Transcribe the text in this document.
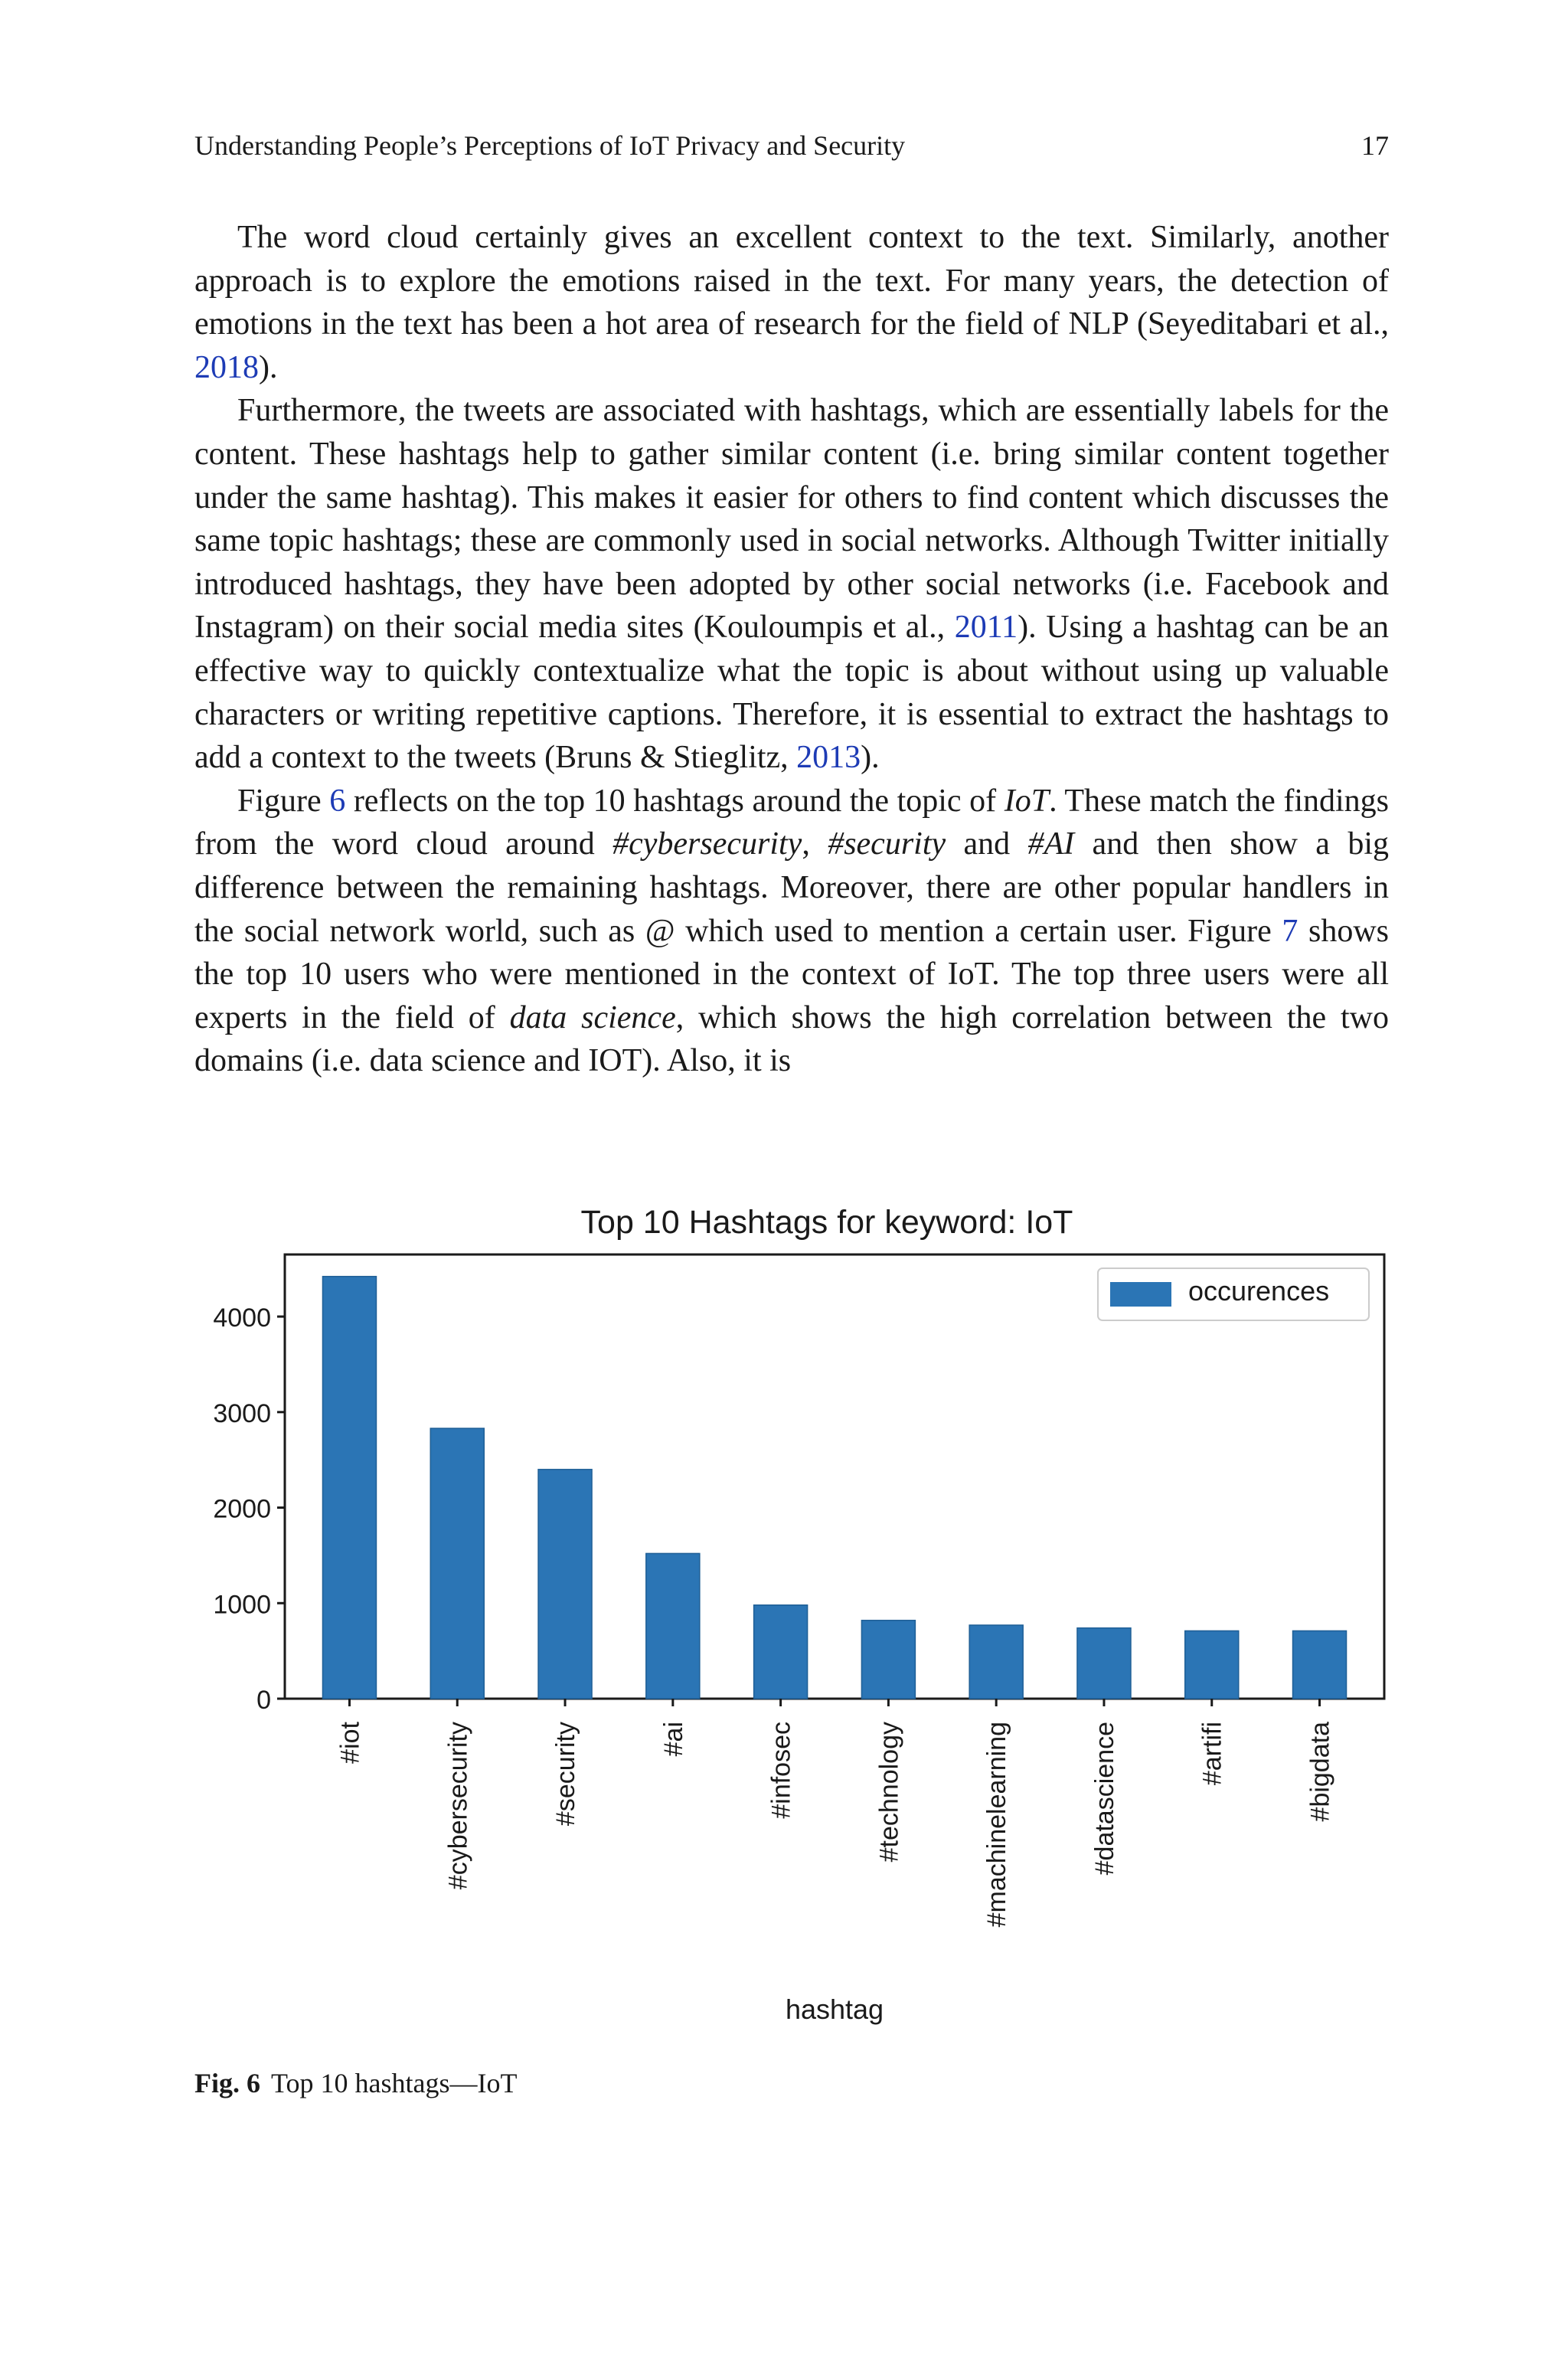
Understanding People’s Perceptions of IoT Privacy and Security	17

The word cloud certainly gives an excellent context to the text. Similarly, another approach is to explore the emotions raised in the text. For many years, the detection of emotions in the text has been a hot area of research for the field of NLP (Seyeditabari et al., 2018).

Furthermore, the tweets are associated with hashtags, which are essentially labels for the content. These hashtags help to gather similar content (i.e. bring similar content together under the same hashtag). This makes it easier for others to find content which discusses the same topic hashtags; these are commonly used in social networks. Although Twitter initially introduced hashtags, they have been adopted by other social networks (i.e. Facebook and Instagram) on their social media sites (Kouloumpis et al., 2011). Using a hashtag can be an effective way to quickly contextualize what the topic is about without using up valuable characters or writing repetitive captions. Therefore, it is essential to extract the hashtags to add a context to the tweets (Bruns & Stieglitz, 2013).

Figure 6 reflects on the top 10 hashtags around the topic of IoT. These match the findings from the word cloud around #cybersecurity, #security and #AI and then show a big difference between the remaining hashtags. Moreover, there are other popular handlers in the social network world, such as @ which used to mention a certain user. Figure 7 shows the top 10 users who were mentioned in the context of IoT. The top three users were all experts in the field of data science, which shows the high correlation between the two domains (i.e. data science and IOT). Also, it is

Top 10 Hashtags for keyword: IoT
0
1000
2000
3000
4000
#iot	#cybersecurity	#security	#ai	#infosec	#technology	#machinelearning	#datascience	#artifi	#bigdata
occurences
hashtag
Fig. 6 Top 10 hashtags—IoT
